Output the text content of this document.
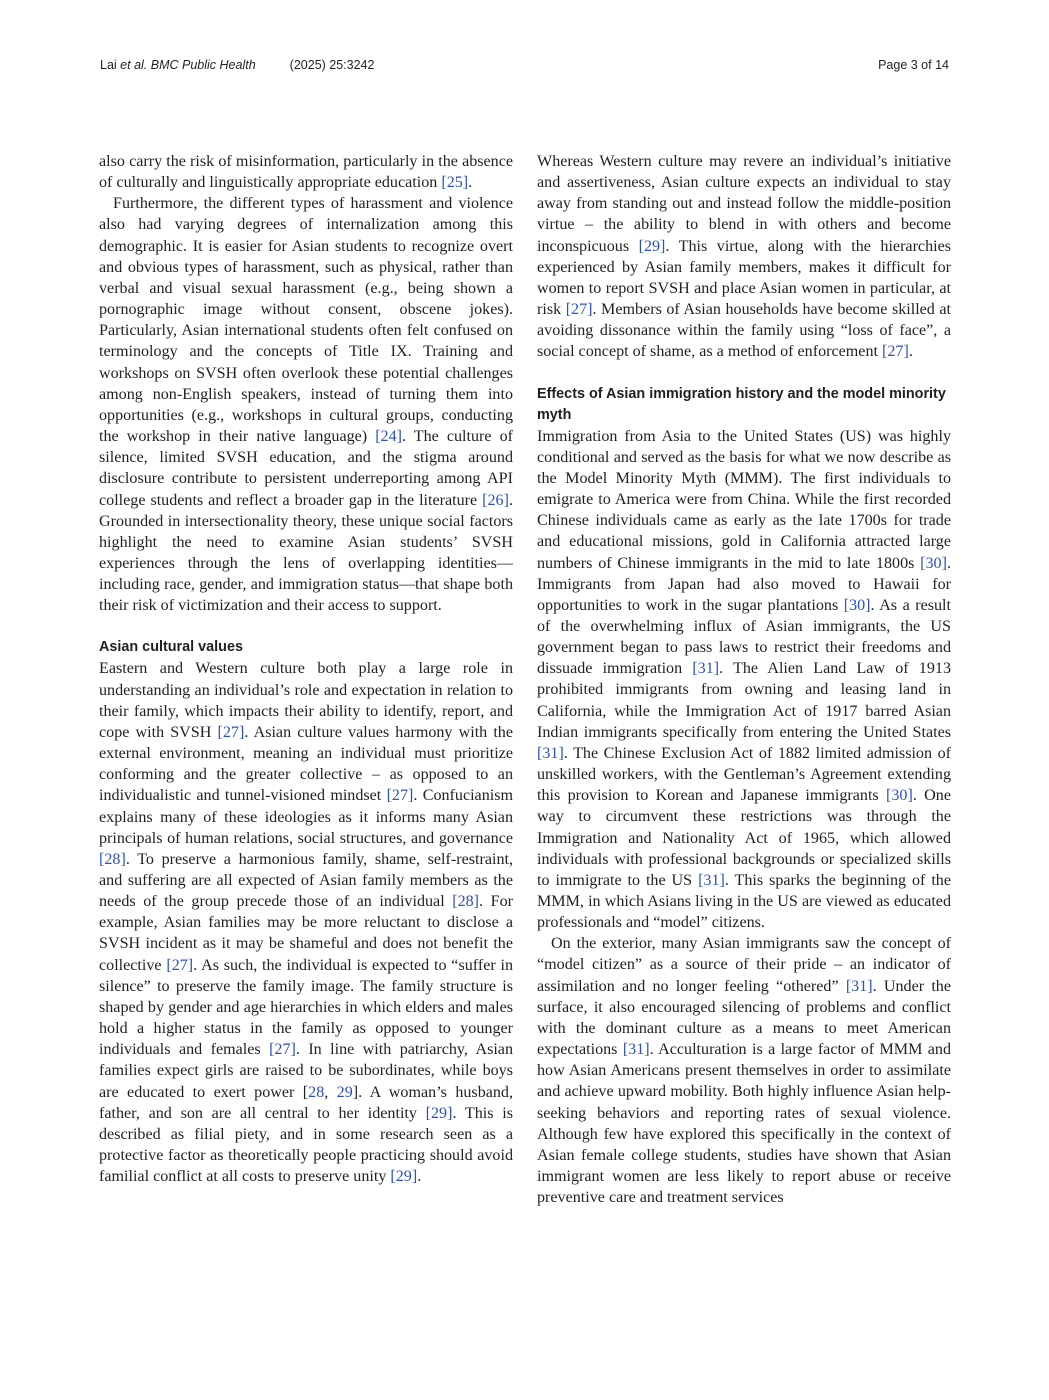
Lai et al. BMC Public Health	(2025) 25:3242	Page 3 of 14

also carry the risk of misinformation, particularly in the absence of culturally and linguistically appropriate education [25].

Furthermore, the different types of harassment and violence also had varying degrees of internalization among this demographic. It is easier for Asian students to recognize overt and obvious types of harassment, such as physical, rather than verbal and visual sexual harassment (e.g., being shown a pornographic image without consent, obscene jokes). Particularly, Asian international students often felt confused on terminology and the concepts of Title IX. Training and workshops on SVSH often overlook these potential challenges among non-English speakers, instead of turning them into opportunities (e.g., workshops in cultural groups, conducting the workshop in their native language) [24]. The culture of silence, limited SVSH education, and the stigma around disclosure contribute to persistent underreporting among API college students and reflect a broader gap in the literature [26]. Grounded in intersectionality theory, these unique social factors highlight the need to examine Asian students’ SVSH experiences through the lens of overlapping identities—including race, gender, and immigration status—that shape both their risk of victimization and their access to support.

Asian cultural values

Eastern and Western culture both play a large role in understanding an individual’s role and expectation in relation to their family, which impacts their ability to identify, report, and cope with SVSH [27]. Asian culture values harmony with the external environment, meaning an individual must prioritize conforming and the greater collective – as opposed to an individualistic and tunnel-visioned mindset [27]. Confucianism explains many of these ideologies as it informs many Asian principals of human relations, social structures, and governance [28]. To preserve a harmonious family, shame, self-restraint, and suffering are all expected of Asian family members as the needs of the group precede those of an individual [28]. For example, Asian families may be more reluctant to disclose a SVSH incident as it may be shameful and does not benefit the collective [27]. As such, the individual is expected to “suffer in silence” to preserve the family image. The family structure is shaped by gender and age hierarchies in which elders and males hold a higher status in the family as opposed to younger individuals and females [27]. In line with patriarchy, Asian families expect girls are raised to be subordinates, while boys are educated to exert power [28, 29]. A woman’s husband, father, and son are all central to her identity [29]. This is described as filial piety, and in some research seen as a protective factor as theoretically people practicing should avoid familial conflict at all costs to preserve unity [29].

Whereas Western culture may revere an individual’s initiative and assertiveness, Asian culture expects an individual to stay away from standing out and instead follow the middle-position virtue – the ability to blend in with others and become inconspicuous [29]. This virtue, along with the hierarchies experienced by Asian family members, makes it difficult for women to report SVSH and place Asian women in particular, at risk [27]. Members of Asian households have become skilled at avoiding dissonance within the family using “loss of face”, a social concept of shame, as a method of enforcement [27].

Effects of Asian immigration history and the model minority myth

Immigration from Asia to the United States (US) was highly conditional and served as the basis for what we now describe as the Model Minority Myth (MMM). The first individuals to emigrate to America were from China. While the first recorded Chinese individuals came as early as the late 1700s for trade and educational missions, gold in California attracted large numbers of Chinese immigrants in the mid to late 1800s [30]. Immigrants from Japan had also moved to Hawaii for opportunities to work in the sugar plantations [30]. As a result of the overwhelming influx of Asian immigrants, the US government began to pass laws to restrict their freedoms and dissuade immigration [31]. The Alien Land Law of 1913 prohibited immigrants from owning and leasing land in California, while the Immigration Act of 1917 barred Asian Indian immigrants specifically from entering the United States [31]. The Chinese Exclusion Act of 1882 limited admission of unskilled workers, with the Gentleman’s Agreement extending this provision to Korean and Japanese immigrants [30]. One way to circumvent these restrictions was through the Immigration and Nationality Act of 1965, which allowed individuals with professional backgrounds or specialized skills to immigrate to the US [31]. This sparks the beginning of the MMM, in which Asians living in the US are viewed as educated professionals and “model” citizens.

On the exterior, many Asian immigrants saw the concept of “model citizen” as a source of their pride – an indicator of assimilation and no longer feeling “othered” [31]. Under the surface, it also encouraged silencing of problems and conflict with the dominant culture as a means to meet American expectations [31]. Acculturation is a large factor of MMM and how Asian Americans present themselves in order to assimilate and achieve upward mobility. Both highly influence Asian help-seeking behaviors and reporting rates of sexual violence. Although few have explored this specifically in the context of Asian female college students, studies have shown that Asian immigrant women are less likely to report abuse or receive preventive care and treatment services
